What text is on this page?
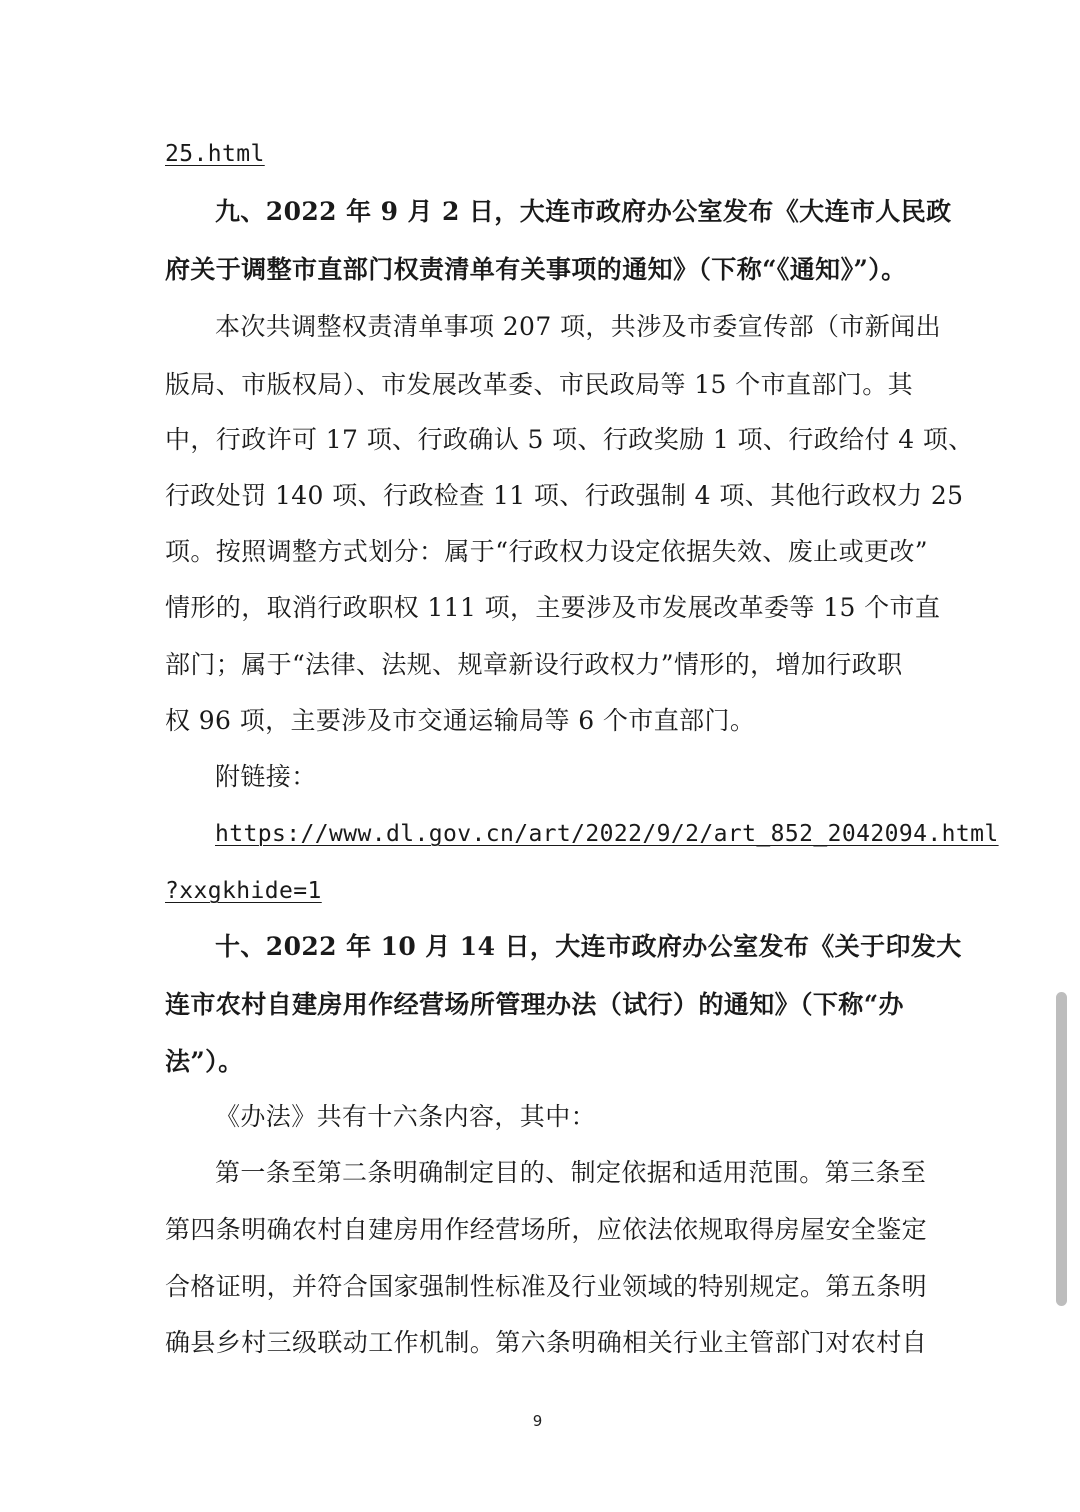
25.html
九、2022 年 9 月 2 日，大连市政府办公室发布《大连市人民政
府关于调整市直部门权责清单有关事项的通知》（下称“《通知》”）。
本次共调整权责清单事项 207 项，共涉及市委宣传部（市新闻出
版局、市版权局）、市发展改革委、市民政局等 15 个市直部门。其
中，行政许可 17 项、行政确认 5 项、行政奖励 1 项、行政给付 4 项、
行政处罚 140 项、行政检查 11 项、行政强制 4 项、其他行政权力 25
项。按照调整方式划分：属于“行政权力设定依据失效、废止或更改”
情形的，取消行政职权 111 项，主要涉及市发展改革委等 15 个市直
部门；属于“法律、法规、规章新设行政权力”情形的，增加行政职
权 96 项，主要涉及市交通运输局等 6 个市直部门。
附链接：
https://www.dl.gov.cn/art/2022/9/2/art_852_2042094.html
?xxgkhide=1
十、2022 年 10 月 14 日，大连市政府办公室发布《关于印发大
连市农村自建房用作经营场所管理办法（试行）的通知》（下称“办
法”）。
《办法》共有十六条内容，其中：
第一条至第二条明确制定目的、制定依据和适用范围。第三条至
第四条明确农村自建房用作经营场所，应依法依规取得房屋安全鉴定
合格证明，并符合国家强制性标准及行业领域的特别规定。第五条明
确县乡村三级联动工作机制。第六条明确相关行业主管部门对农村自
9
